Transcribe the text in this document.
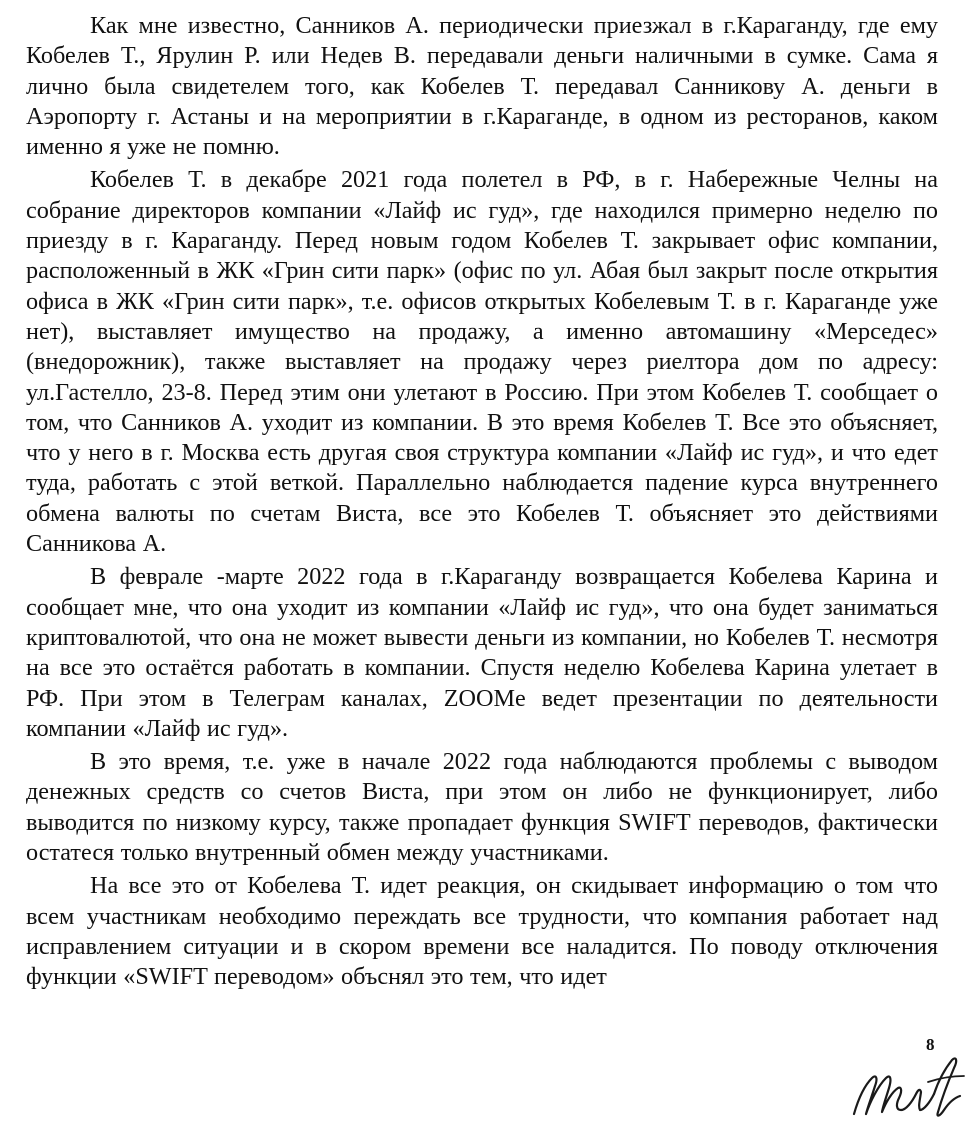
Как мне известно, Санников А. периодически приезжал в г.Караганду, где ему Кобелев Т., Ярулин Р. или Недев В. передавали деньги наличными в сумке. Сама я лично была свидетелем того, как Кобелев Т. передавал Санникову А. деньги в Аэропорту г. Астаны и на мероприятии в г.Караганде, в одном из ресторанов, каком именно я уже не помню.

Кобелев Т. в декабре 2021 года полетел в РФ, в г. Набережные Челны на собрание директоров компании «Лайф ис гуд», где находился примерно неделю по приезду в г. Караганду. Перед новым годом Кобелев Т. закрывает офис компании, расположенный в ЖК «Грин сити парк» (офис по ул. Абая был закрыт после открытия офиса в ЖК «Грин сити парк», т.е. офисов открытых Кобелевым Т. в г. Караганде уже нет), выставляет имущество на продажу, а именно автомашину «Мерседес» (внедорожник), также выставляет на продажу через риелтора дом по адресу: ул.Гастелло, 23-8. Перед этим они улетают в Россию. При этом Кобелев Т. сообщает о том, что Санников А. уходит из компании. В это время Кобелев Т. Все это объясняет, что у него в г. Москва есть другая своя структура компании «Лайф ис гуд», и что едет туда, работать с этой веткой. Параллельно наблюдается падение курса внутреннего обмена валюты по счетам Виста, все это Кобелев Т. объясняет это действиями Санникова А.

В феврале -марте 2022 года в г.Караганду возвращается Кобелева Карина и сообщает мне, что она уходит из компании «Лайф ис гуд», что она будет заниматься криптовалютой, что она не может вывести деньги из компании, но Кобелев Т. несмотря на все это остаётся работать в компании. Спустя неделю Кобелева Карина улетает в РФ. При этом в Телеграм каналах, ZOOMе ведет презентации по деятельности компании «Лайф ис гуд».

В это время, т.е. уже в начале 2022 года наблюдаются проблемы с выводом денежных средств со счетов Виста, при этом он либо не функционирует, либо выводится по низкому курсу, также пропадает функция SWIFT переводов, фактически остатеся только внутренный обмен между участниками.

На все это от Кобелева Т. идет реакция, он скидывает информацию о том что всем участникам необходимо переждать все трудности, что компания работает над исправлением ситуации и в скором времени все наладится. По поводу отключения функции «SWIFT переводом» объснял это тем, что идет

8
